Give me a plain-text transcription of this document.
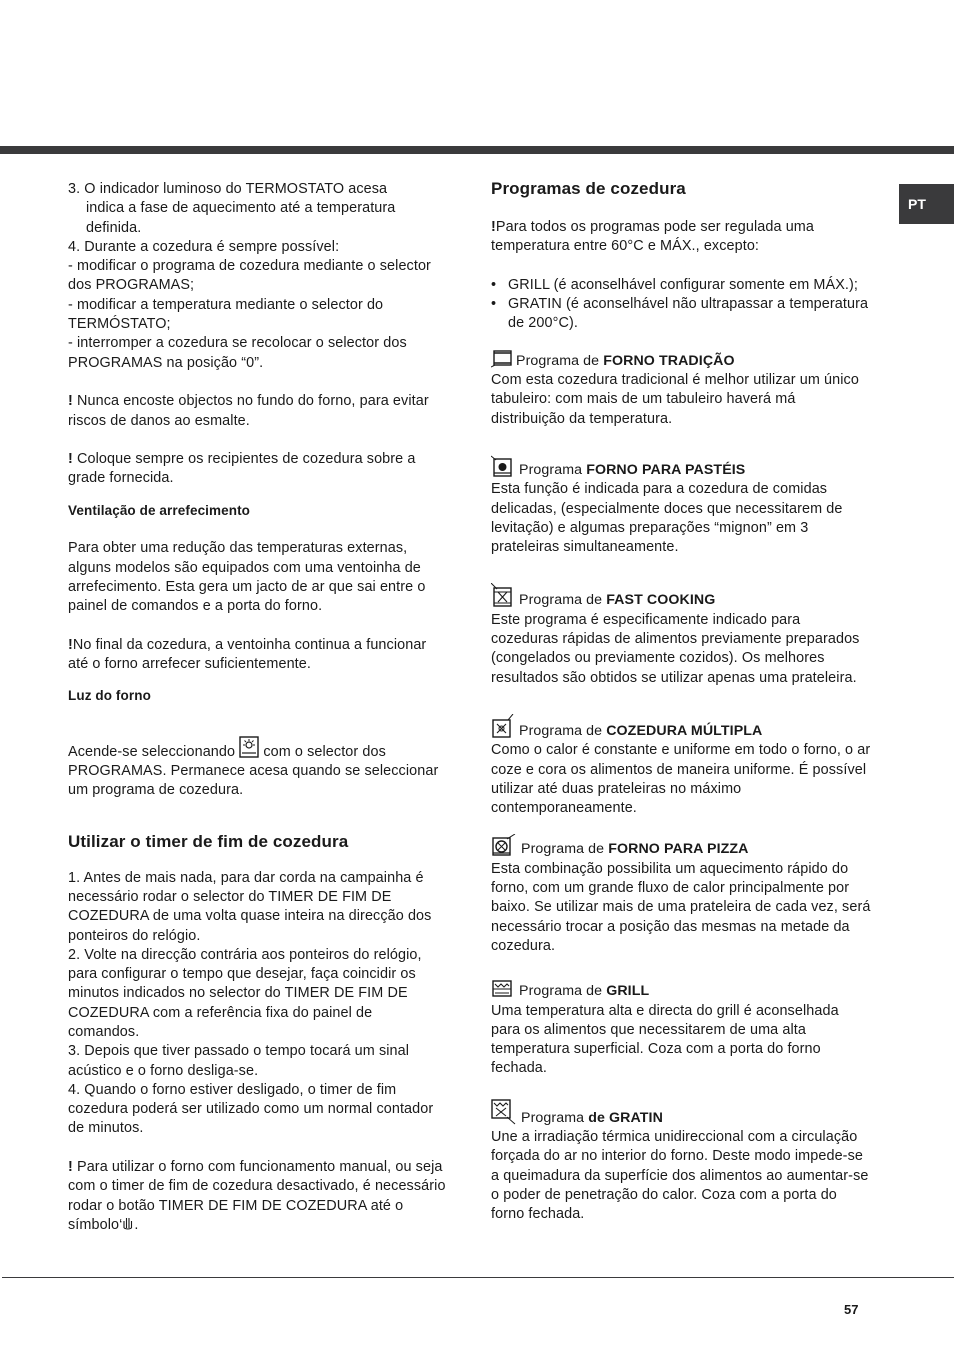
PT

3. O indicador luminoso do TERMOSTATO acesa

indica a fase de aquecimento até a temperatura definida.

4. Durante a cozedura é sempre possível:

- modificar o programa de cozedura mediante o selector dos PROGRAMAS;

- modificar a temperatura mediante o selector do TERMÓSTATO;

- interromper a cozedura se recolocar o selector dos PROGRAMAS na posição “0”.

! Nunca encoste objectos no fundo do forno, para evitar riscos de danos ao esmalte.

! Coloque sempre os recipientes de cozedura sobre a grade fornecida.

Ventilação de arrefecimento

Para obter uma redução das temperaturas externas, alguns modelos são equipados com uma ventoinha de arrefecimento. Esta gera um jacto de ar que sai entre o painel de comandos e a porta do forno.

!No final da cozedura, a ventoinha continua a funcionar até o forno arrefecer suficientemente.

Luz do forno

Acende-se seleccionando  com o selector dos PROGRAMAS. Permanece acesa quando se seleccionar um programa de cozedura.

Utilizar o timer de fim de cozedura

1. Antes de mais nada, para dar corda na campainha é necessário rodar o selector do TIMER DE FIM DE COZEDURA de uma volta quase inteira na direcção dos ponteiros do relógio.

2. Volte na direcção contrária aos ponteiros do relógio, para configurar o tempo que desejar, faça coincidir os minutos indicados no selector do TIMER DE FIM DE COZEDURA com a referência fixa do painel de comandos.

3. Depois que tiver passado o tempo tocará um sinal acústico e o forno desliga-se.

4. Quando o forno estiver desligado, o timer de fim cozedura poderá ser utilizado como um normal contador de minutos.

! Para utilizar o forno com funcionamento manual, ou seja com o timer de fim de cozedura desactivado, é necessário rodar o botão TIMER DE FIM DE COZEDURA até o símbolo‘ .

Programas de cozedura

!Para todos os programas pode ser regulada uma temperatura entre 60°C e MÁX., excepto:

• GRILL (é aconselhável configurar somente em MÁX.);
• GRATIN (é aconselhável não ultrapassar a temperatura de 200°C).

Programa de FORNO TRADIÇÃO

Com esta cozedura tradicional é melhor utilizar um único tabuleiro: com mais de um tabuleiro haverá má distribuição da temperatura.

Programa FORNO PARA PASTÉIS

Esta função é indicada para a cozedura de comidas delicadas, (especialmente doces que necessitarem de levitação) e algumas preparações “mignon” em 3 prateleiras simultaneamente.

Programa de FAST COOKING

Este programa é especificamente indicado para cozeduras rápidas de alimentos previamente preparados (congelados ou previamente cozidos). Os melhores resultados são obtidos se utilizar apenas uma prateleira.

Programa de COZEDURA MÚLTIPLA

Como o calor é constante e uniforme em todo o forno, o ar coze e cora os alimentos de maneira uniforme. É possível utilizar até duas prateleiras no máximo contemporaneamente.

Programa de FORNO PARA PIZZA

Esta combinação possibilita um aquecimento rápido do forno, com um grande fluxo de calor principalmente por baixo. Se utilizar mais de uma prateleira de cada vez, será necessário trocar a posição das mesmas na metade da cozedura.

Programa de GRILL

Uma temperatura alta e directa do grill é aconselhada para os alimentos que necessitarem de uma alta temperatura superficial. Coza com a porta do forno fechada.

Programa de GRATIN

Une a irradiação térmica unidireccional com a circulação forçada do ar no interior do forno. Deste modo impede-se a queimadura da superfície dos alimentos ao aumentar-se o poder de penetração do calor. Coza com a porta do forno fechada.

57
